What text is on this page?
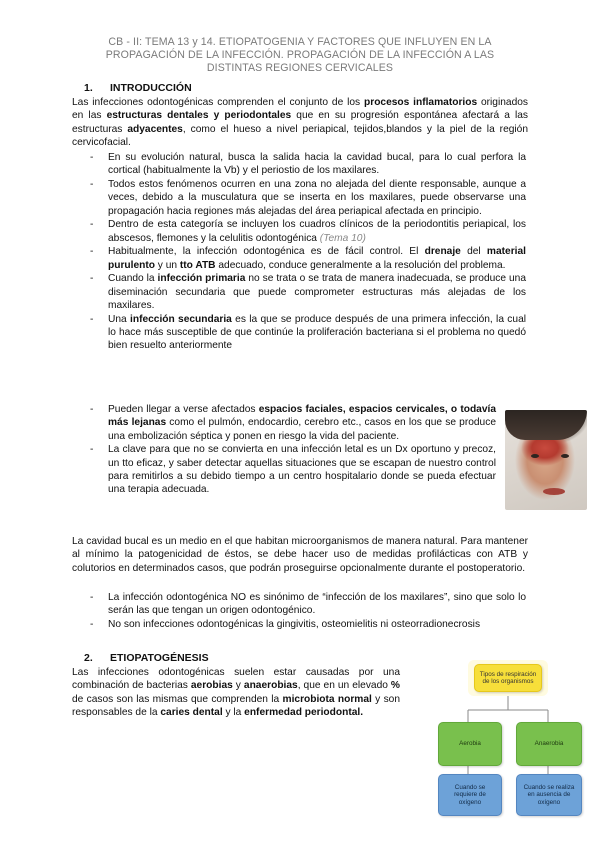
CB - II: TEMA 13 y 14. ETIOPATOGENIA Y FACTORES QUE INFLUYEN EN LA
PROPAGACIÓN DE LA INFECCIÓN. PROPAGACIÓN DE LA INFECCIÓN A LAS
DISTINTAS REGIONES CERVICALES
1. INTRODUCCIÓN
Las infecciones odontogénicas comprenden el conjunto de los procesos inflamatorios originados en las estructuras dentales y periodontales que en su progresión espontánea afectará a las estructuras adyacentes, como el hueso a nivel periapical, tejidos,blandos y la piel de la región cervicofacial.
- En su evolución natural, busca la salida hacia la cavidad bucal, para lo cual perfora la cortical (habitualmente la Vb) y el periostio de los maxilares.
- Todos estos fenómenos ocurren en una zona no alejada del diente responsable, aunque a veces, debido a la musculatura que se inserta en los maxilares, puede observarse una propagación hacia regiones más alejadas del área periapical afectada en principio.
- Dentro de esta categoría se incluyen los cuadros clínicos de la periodontitis periapical, los abscesos, flemones y la celulitis odontogénica (Tema 10)
- Habitualmente, la infección odontogénica es de fácil control. El drenaje del material purulento y un tto ATB adecuado, conduce generalmente a la resolución del problema.
- Cuando la infección primaria no se trata o se trata de manera inadecuada, se produce una diseminación secundaria que puede comprometer estructuras más alejadas de los maxilares.
- Una infección secundaria es la que se produce después de una primera infección, la cual lo hace más susceptible de que continúe la proliferación bacteriana si el problema no quedó bien resuelto anteriormente
- Pueden llegar a verse afectados espacios faciales, espacios cervicales, o todavía más lejanas como el pulmón, endocardio, cerebro etc., casos en los que se produce una embolización séptica y ponen en riesgo la vida del paciente.
- La clave para que no se convierta en una infección letal es un Dx oportuno y precoz, un tto eficaz, y saber detectar aquellas situaciones que se escapan de nuestro control para remitirlos a su debido tiempo a un centro hospitalario donde se pueda efectuar una terapia adecuada.
La cavidad bucal es un medio en el que habitan microorganismos de manera natural. Para mantener al mínimo la patogenicidad de éstos, se debe hacer uso de medidas profilácticas con ATB y colutorios en determinados casos, que podrán proseguirse opcionalmente durante el postoperatorio.
- La infección odontogénica NO es sinónimo de “infección de los maxilares”, sino que solo lo serán las que tengan un origen odontogénico.
- No son infecciones odontogénicas la gingivitis, osteomielitis ni osteorradionecrosis
2. ETIOPATOGÉNESIS
Las infecciones odontogénicas suelen estar causadas por una combinación de bacterias aerobias y anaerobias, que en un elevado % de casos son las mismas que comprenden la microbiota normal y son responsables de la caries dental y la enfermedad periodontal.
Tipos de respiración de los organismos
Aerobia	Anaerobia
Cuando se requiere de oxígeno
Cuando se realiza en ausencia de oxígeno
